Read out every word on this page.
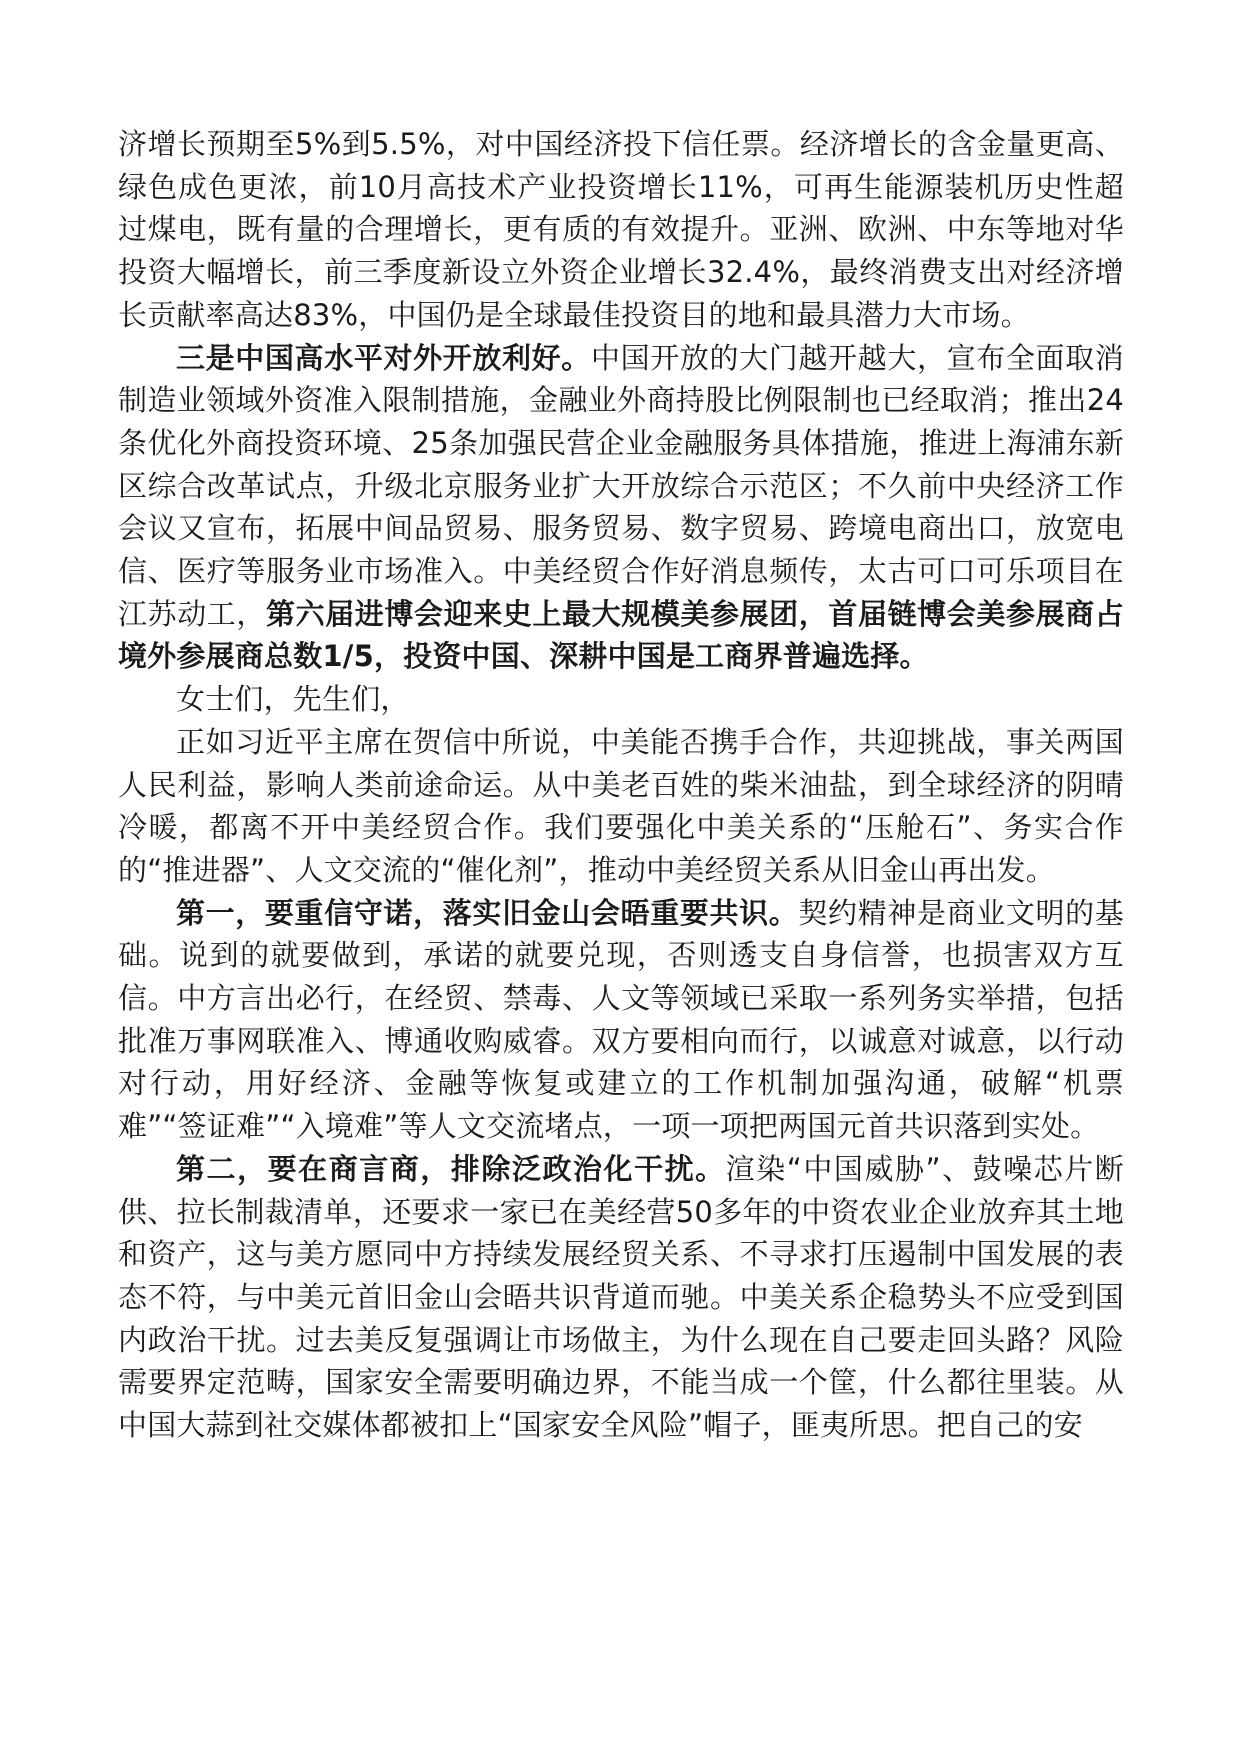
济增长预期至5%到5.5%，对中国经济投下信任票。经济增长的含金量更高、绿色成色更浓，前10月高技术产业投资增长11%，可再生能源装机历史性超过煤电，既有量的合理增长，更有质的有效提升。亚洲、欧洲、中东等地对华投资大幅增长，前三季度新设立外资企业增长32.4%，最终消费支出对经济增长贡献率高达83%，中国仍是全球最佳投资目的地和最具潜力大市场。

三是中国高水平对外开放利好。中国开放的大门越开越大，宣布全面取消制造业领域外资准入限制措施，金融业外商持股比例限制也已经取消；推出24条优化外商投资环境、25条加强民营企业金融服务具体措施，推进上海浦东新区综合改革试点，升级北京服务业扩大开放综合示范区；不久前中央经济工作会议又宣布，拓展中间品贸易、服务贸易、数字贸易、跨境电商出口，放宽电信、医疗等服务业市场准入。中美经贸合作好消息频传，太古可口可乐项目在江苏动工，第六届进博会迎来史上最大规模美参展团，首届链博会美参展商占境外参展商总数1/5，投资中国、深耕中国是工商界普遍选择。

女士们，先生们，

正如习近平主席在贺信中所说，中美能否携手合作，共迎挑战，事关两国人民利益，影响人类前途命运。从中美老百姓的柴米油盐，到全球经济的阴晴冷暖，都离不开中美经贸合作。我们要强化中美关系的“压舱石”、务实合作的“推进器”、人文交流的“催化剂”，推动中美经贸关系从旧金山再出发。

第一，要重信守诺，落实旧金山会晤重要共识。契约精神是商业文明的基础。说到的就要做到，承诺的就要兑现，否则透支自身信誉，也损害双方互信。中方言出必行，在经贸、禁毒、人文等领域已采取一系列务实举措，包括批准万事网联准入、博通收购威睿。双方要相向而行，以诚意对诚意，以行动对行动，用好经济、金融等恢复或建立的工作机制加强沟通，破解“机票难”“签证难”“入境难”等人文交流堵点，一项一项把两国元首共识落到实处。

第二，要在商言商，排除泛政治化干扰。渲染“中国威胁”、鼓噪芯片断供、拉长制裁清单，还要求一家已在美经营50多年的中资农业企业放弃其土地和资产，这与美方愿同中方持续发展经贸关系、不寻求打压遏制中国发展的表态不符，与中美元首旧金山会晤共识背道而驰。中美关系企稳势头不应受到国内政治干扰。过去美反复强调让市场做主，为什么现在自己要走回头路？风险需要界定范畴，国家安全需要明确边界，不能当成一个筐，什么都往里装。从中国大蒜到社交媒体都被扣上“国家安全风险”帽子，匪夷所思。把自己的安
